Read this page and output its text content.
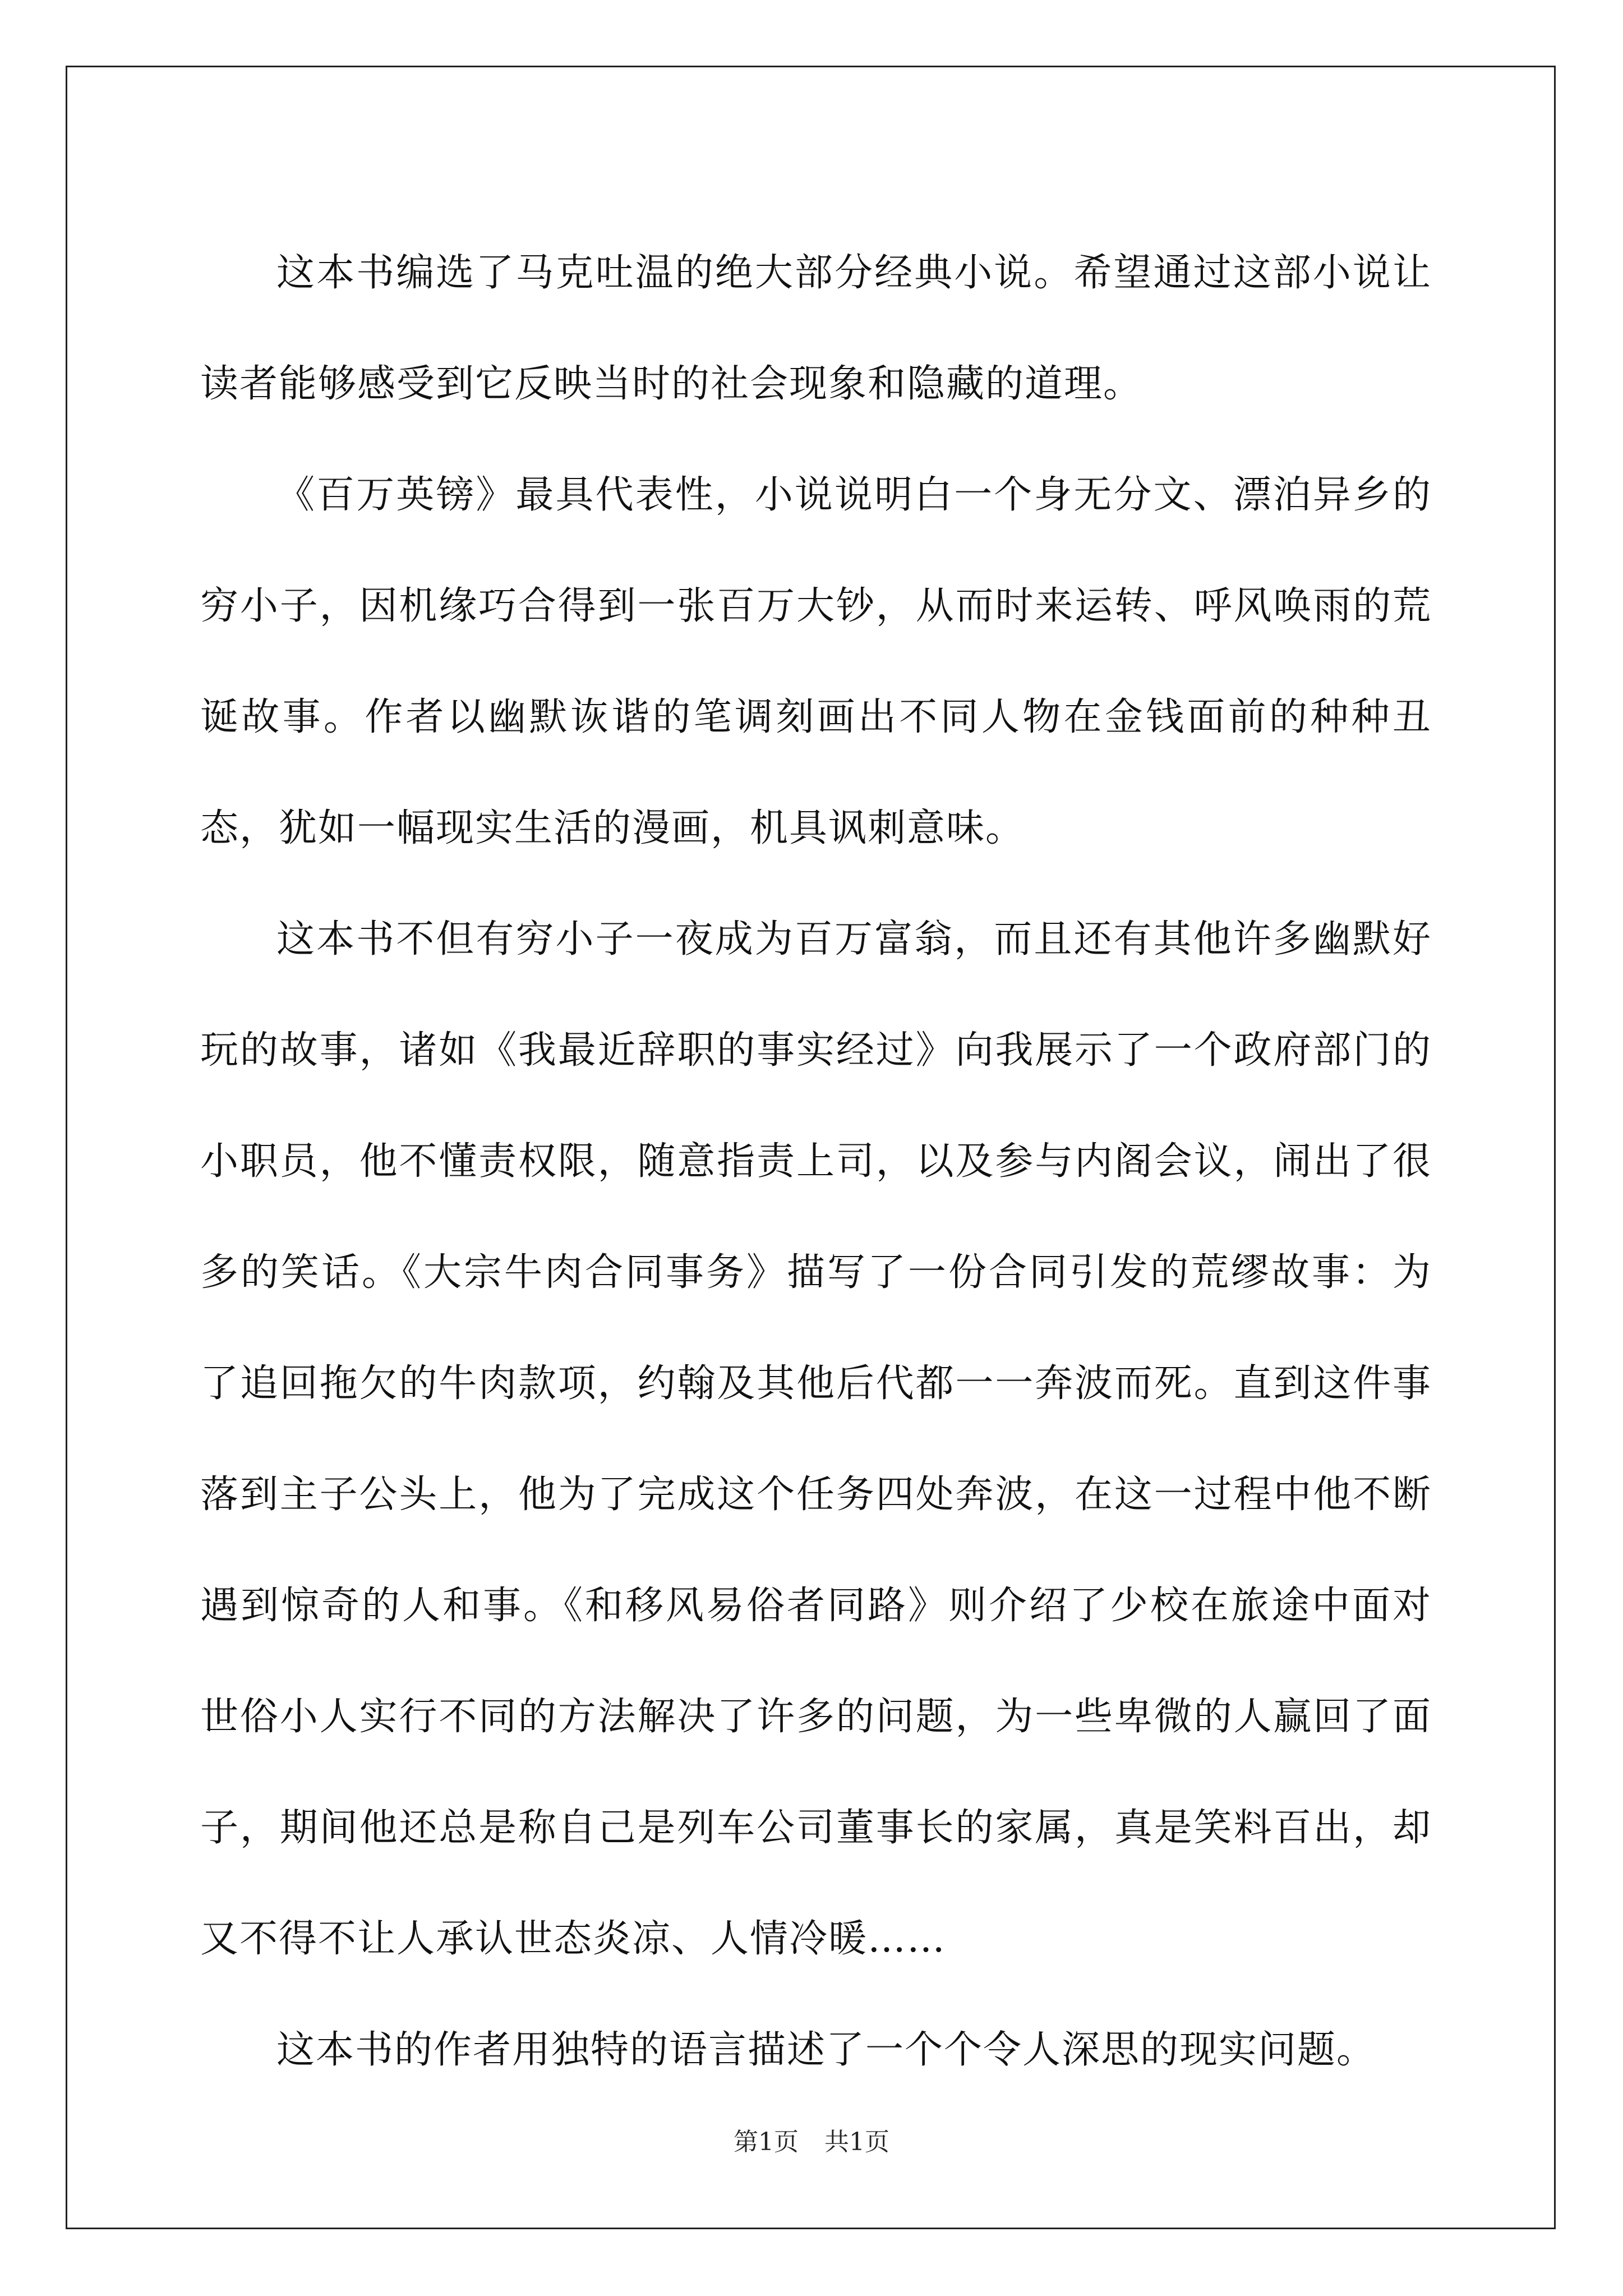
这本书编选了马克吐温的绝大部分经典小说。希望通过这部小说让读者能够感受到它反映当时的社会现象和隐藏的道理。

《百万英镑》最具代表性，小说说明白一个身无分文、漂泊异乡的穷小子，因机缘巧合得到一张百万大钞，从而时来运转、呼风唤雨的荒诞故事。作者以幽默诙谐的笔调刻画出不同人物在金钱面前的种种丑态，犹如一幅现实生活的漫画，机具讽刺意味。

这本书不但有穷小子一夜成为百万富翁，而且还有其他许多幽默好玩的故事，诸如《我最近辞职的事实经过》向我展示了一个政府部门的小职员，他不懂责权限，随意指责上司，以及参与内阁会议，闹出了很多的笑话。《大宗牛肉合同事务》描写了一份合同引发的荒缪故事：为了追回拖欠的牛肉款项，约翰及其他后代都一一奔波而死。直到这件事落到主子公头上，他为了完成这个任务四处奔波，在这一过程中他不断遇到惊奇的人和事。《和移风易俗者同路》则介绍了少校在旅途中面对世俗小人实行不同的方法解决了许多的问题，为一些卑微的人赢回了面子，期间他还总是称自己是列车公司董事长的家属，真是笑料百出，却又不得不让人承认世态炎凉、人情冷暖……

这本书的作者用独特的语言描述了一个个令人深思的现实问题。

第1页 共1页
